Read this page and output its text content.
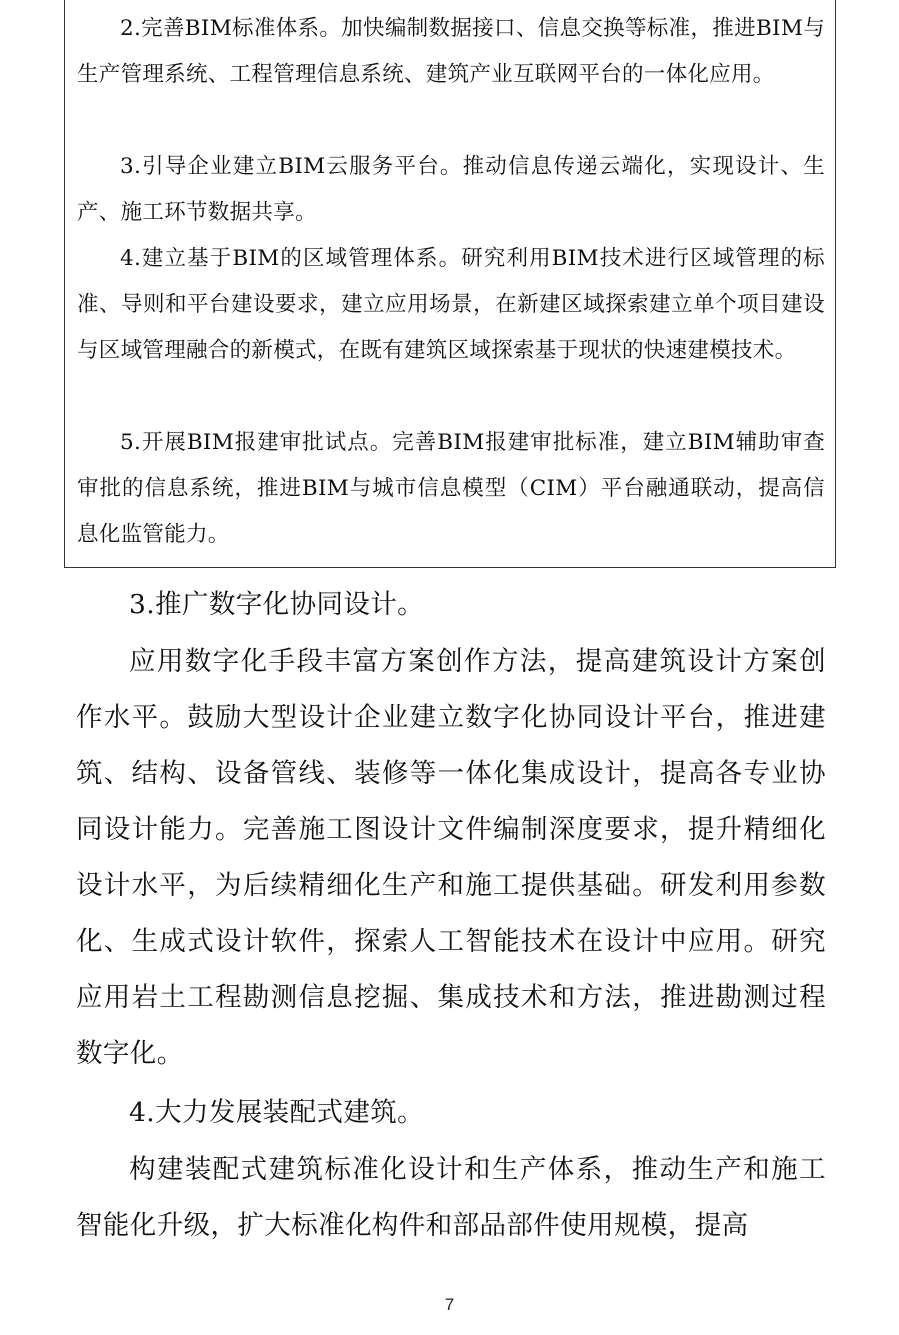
2.完善BIM标准体系。加快编制数据接口、信息交换等标准，推进BIM与生产管理系统、工程管理信息系统、建筑产业互联网平台的一体化应用。

3.引导企业建立BIM云服务平台。推动信息传递云端化，实现设计、生产、施工环节数据共享。

4.建立基于BIM的区域管理体系。研究利用BIM技术进行区域管理的标准、导则和平台建设要求，建立应用场景，在新建区域探索建立单个项目建设与区域管理融合的新模式，在既有建筑区域探索基于现状的快速建模技术。

5.开展BIM报建审批试点。完善BIM报建审批标准，建立BIM辅助审查审批的信息系统，推进BIM与城市信息模型（CIM）平台融通联动，提高信息化监管能力。

3.推广数字化协同设计。

应用数字化手段丰富方案创作方法，提高建筑设计方案创作水平。鼓励大型设计企业建立数字化协同设计平台，推进建筑、结构、设备管线、装修等一体化集成设计，提高各专业协同设计能力。完善施工图设计文件编制深度要求，提升精细化设计水平，为后续精细化生产和施工提供基础。研发利用参数化、生成式设计软件，探索人工智能技术在设计中应用。研究应用岩土工程勘测信息挖掘、集成技术和方法，推进勘测过程数字化。

4.大力发展装配式建筑。

构建装配式建筑标准化设计和生产体系，推动生产和施工智能化升级，扩大标准化构件和部品部件使用规模，提高

7
